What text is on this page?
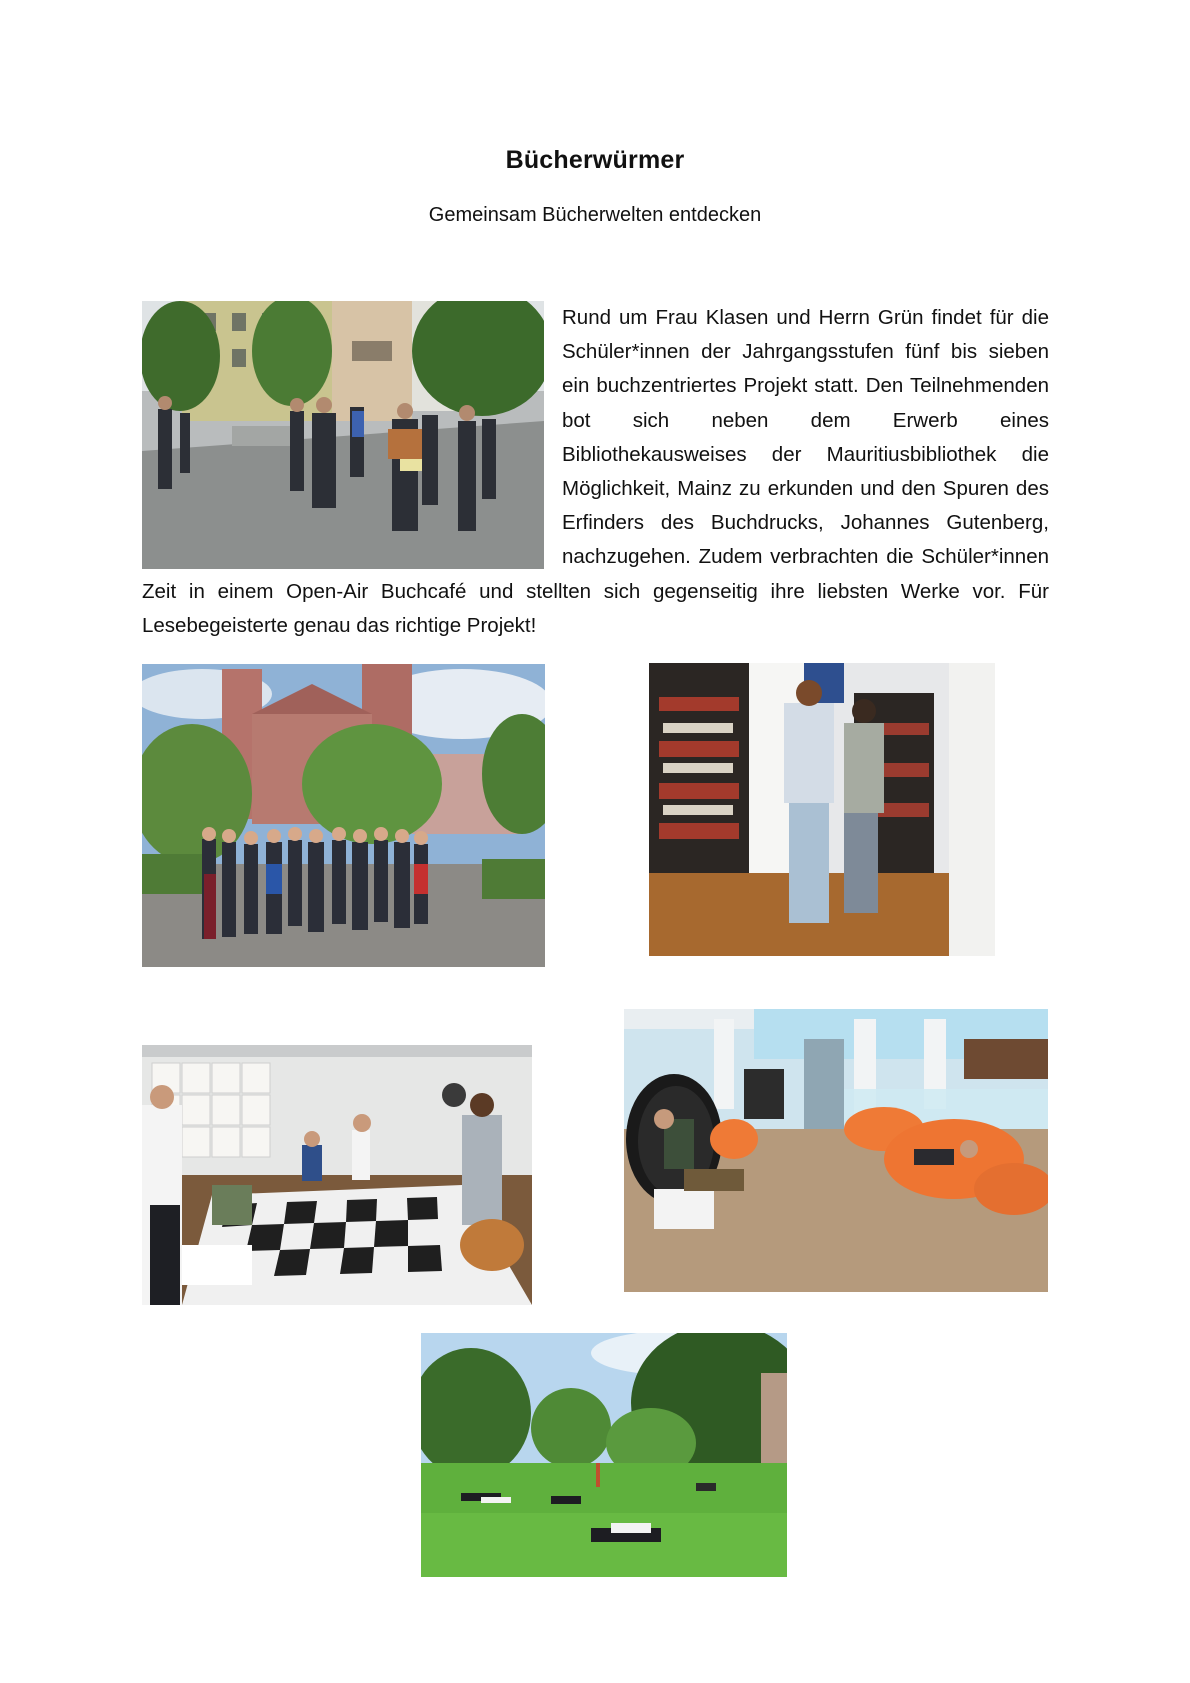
Bücherwürmer
Gemeinsam Bücherwelten entdecken
Rund um Frau Klasen und Herrn Grün findet für die Schüler*innen der Jahrgangsstufen fünf bis sieben ein buchzentriertes Projekt statt. Den Teilnehmenden bot sich neben dem Erwerb eines Bibliothekausweises der Mauritiusbibliothek die Möglichkeit, Mainz zu erkunden und den Spuren des Erfinders des Buchdrucks, Johannes Gutenberg, nachzugehen. Zudem verbrachten die Schüler*innen Zeit in einem Open-Air Buchcafé und stellten sich gegenseitig ihre liebsten Werke vor. Für Lesebegeisterte genau das richtige Projekt!
